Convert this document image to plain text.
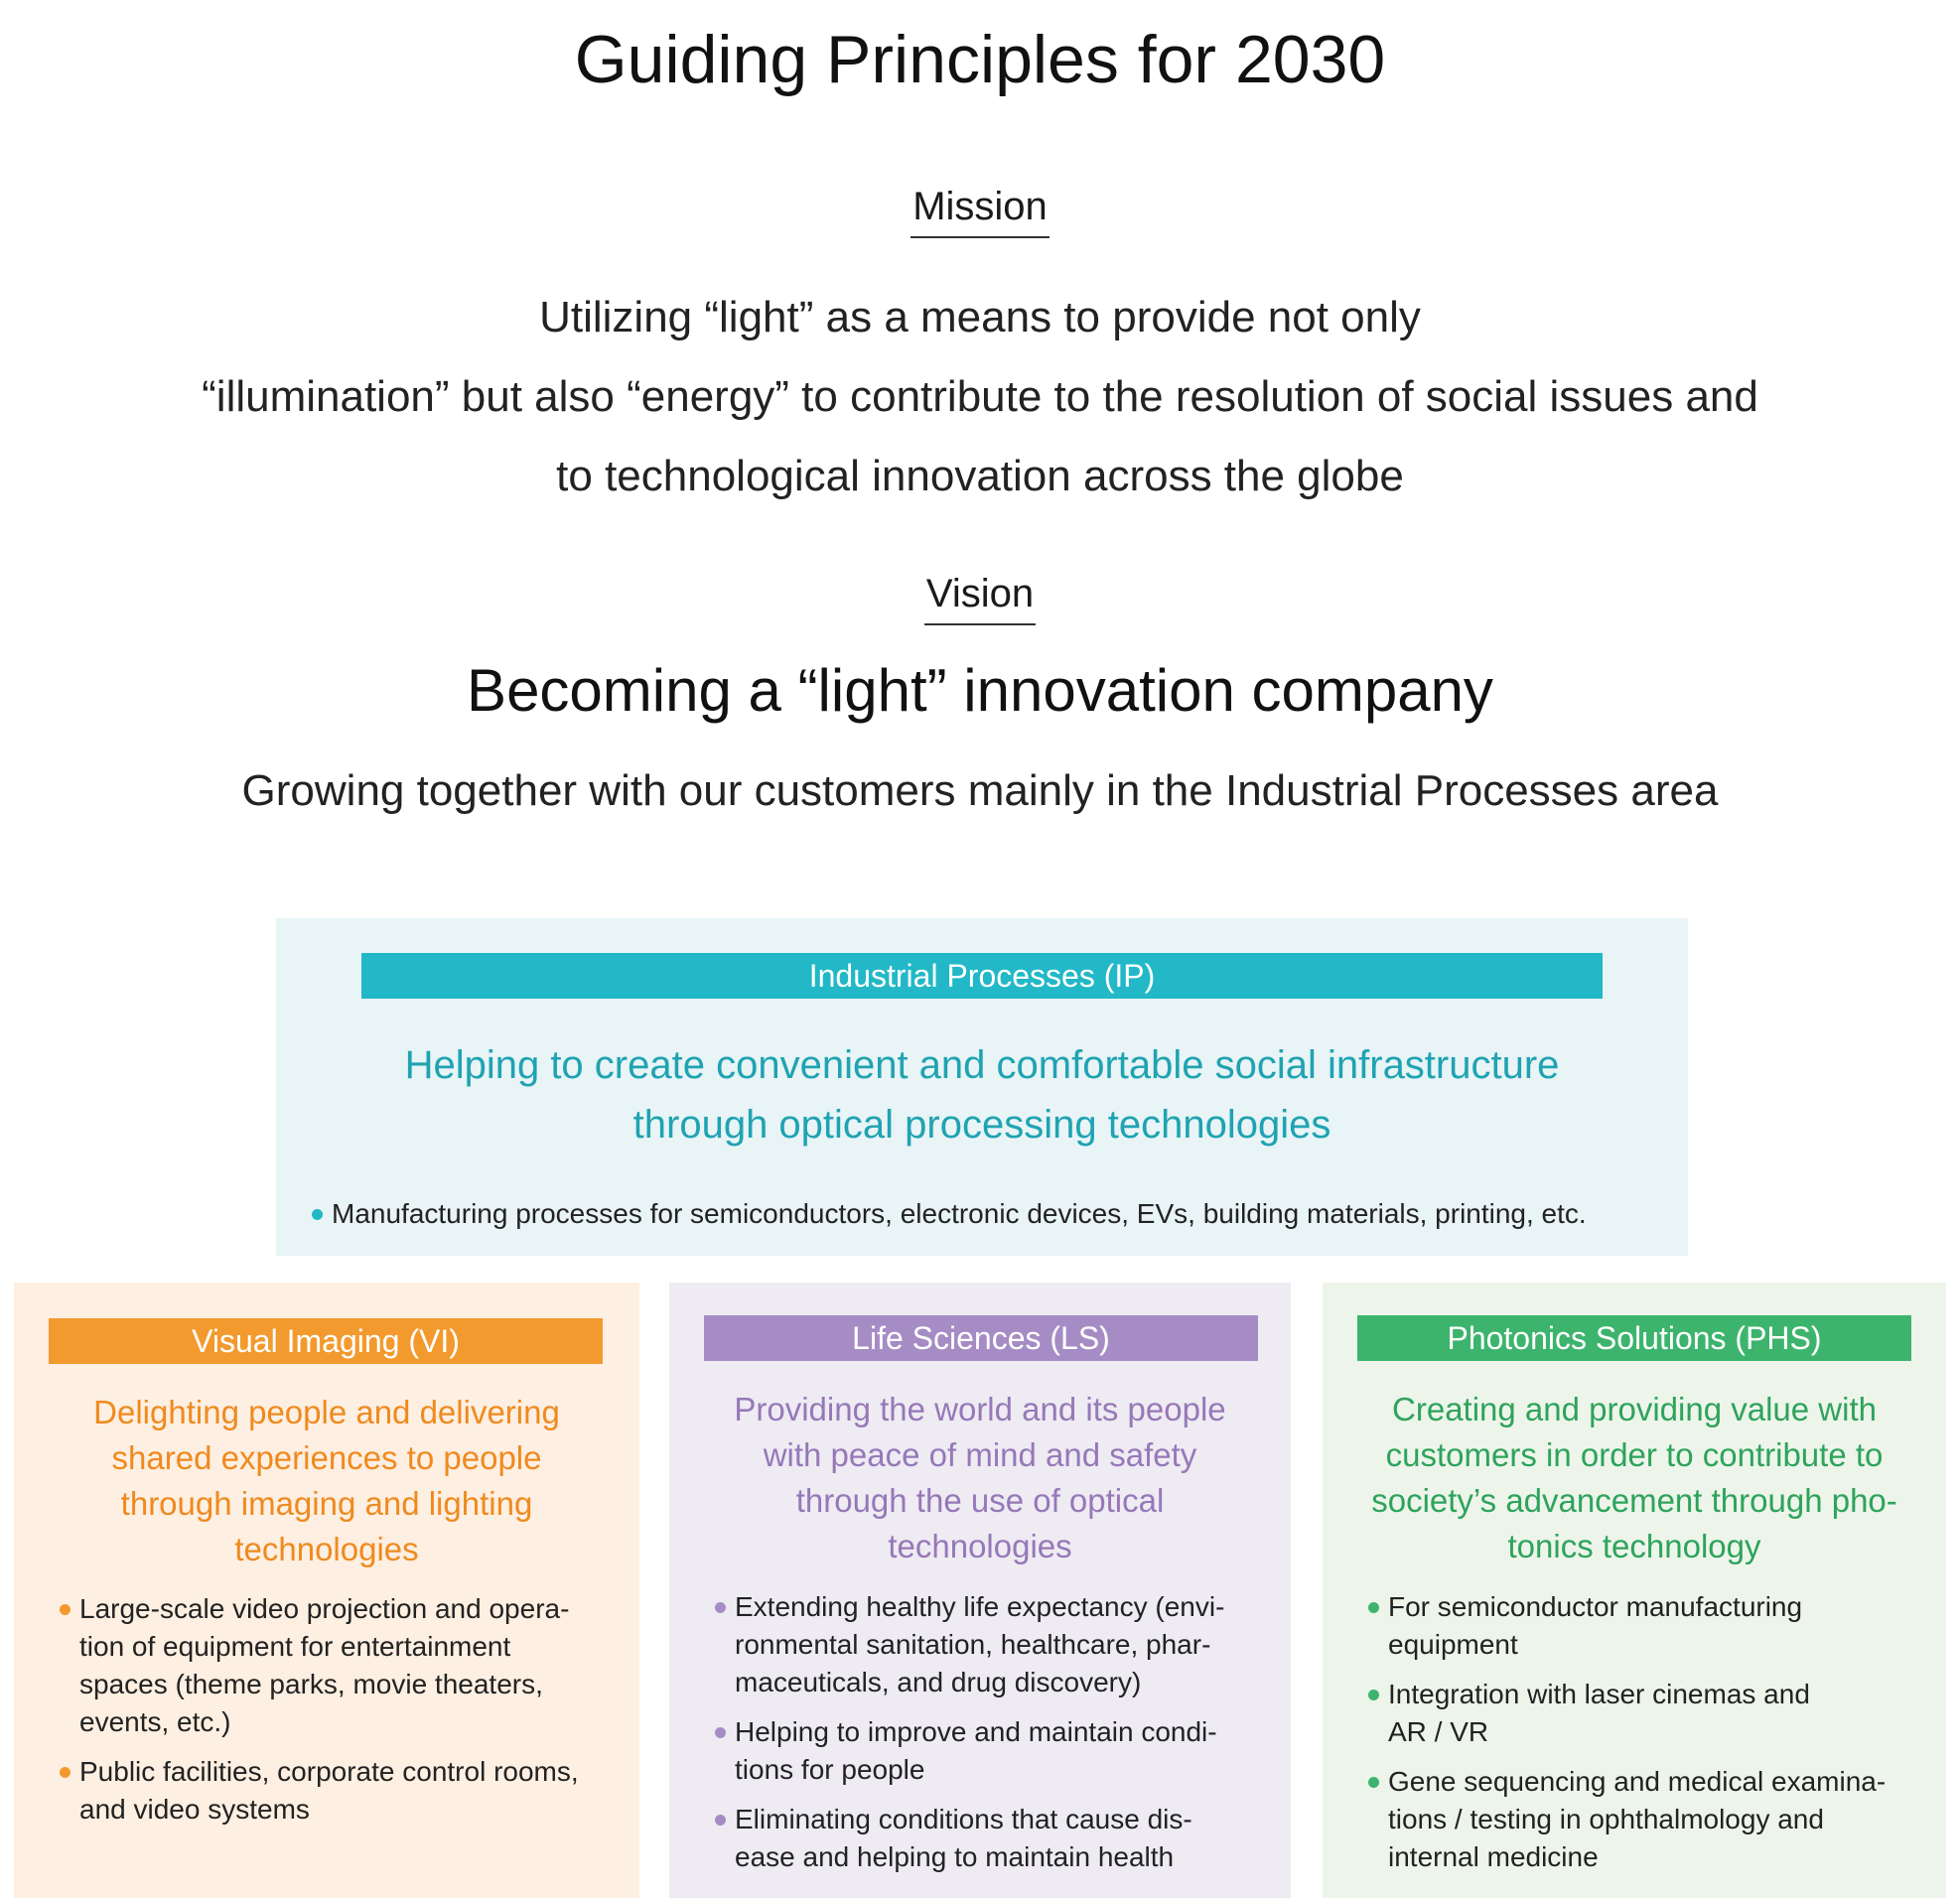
Guiding Principles for 2030
Mission
Utilizing “light” as a means to provide not only
“illumination” but also “energy” to contribute to the resolution of social issues and
to technological innovation across the globe
Vision
Becoming a “light” innovation company
Growing together with our customers mainly in the Industrial Processes area
Industrial Processes (IP)
Helping to create convenient and comfortable social infrastructure
through optical processing technologies
Manufacturing processes for semiconductors, electronic devices, EVs, building materials, printing, etc.
Visual Imaging (VI)
Delighting people and delivering
shared experiences to people
through imaging and lighting
technologies
Large-scale video projection and opera-
tion of equipment for entertainment
spaces (theme parks, movie theaters,
events, etc.)
Public facilities, corporate control rooms,
and video systems
Life Sciences (LS)
Providing the world and its people
with peace of mind and safety
through the use of optical
technologies
Extending healthy life expectancy (envi-
ronmental sanitation, healthcare, phar-
maceuticals, and drug discovery)
Helping to improve and maintain condi-
tions for people
Eliminating conditions that cause dis-
ease and helping to maintain health
Photonics Solutions (PHS)
Creating and providing value with
customers in order to contribute to
society’s advancement through pho-
tonics technology
For semiconductor manufacturing
equipment
Integration with laser cinemas and
AR / VR
Gene sequencing and medical examina-
tions / testing in ophthalmology and
internal medicine
